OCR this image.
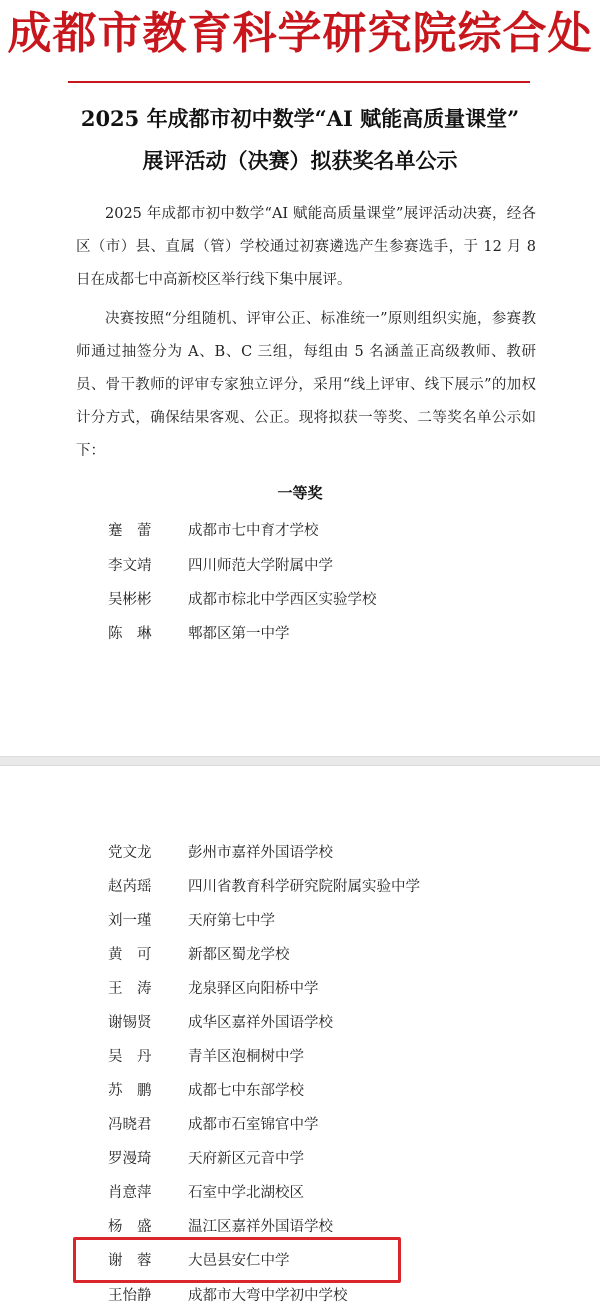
成都市教育科学研究院综合处
2025 年成都市初中数学“AI 赋能高质量课堂”
展评活动（决赛）拟获奖名单公示
2025 年成都市初中数学“AI 赋能高质量课堂”展评活动决赛，经各区（市）县、直属（管）学校通过初赛遴选产生参赛选手，于 12 月 8 日在成都七中高新校区举行线下集中展评。
决赛按照“分组随机、评审公正、标准统一”原则组织实施，参赛教师通过抽签分为 A、B、C 三组，每组由 5 名涵盖正高级教师、教研员、骨干教师的评审专家独立评分，采用“线上评审、线下展示”的加权计分方式，确保结果客观、公正。现将拟获一等奖、二等奖名单公示如下：
一等奖
蹇　蕾	成都市七中育才学校
李文靖	四川师范大学附属中学
吴彬彬	成都市棕北中学西区实验学校
陈　琳	郫都区第一中学
党文龙	彭州市嘉祥外国语学校
赵芮瑶	四川省教育科学研究院附属实验中学
刘一瑾	天府第七中学
黄　可	新都区蜀龙学校
王　涛	龙泉驿区向阳桥中学
谢锡贤	成华区嘉祥外国语学校
吴　丹	青羊区泡桐树中学
苏　鹏	成都七中东部学校
冯晓君	成都市石室锦官中学
罗漫琦	天府新区元音中学
肖意萍	石室中学北湖校区
杨　盛	温江区嘉祥外国语学校
谢　蓉	大邑县安仁中学
王怡静	成都市大弯中学初中学校
